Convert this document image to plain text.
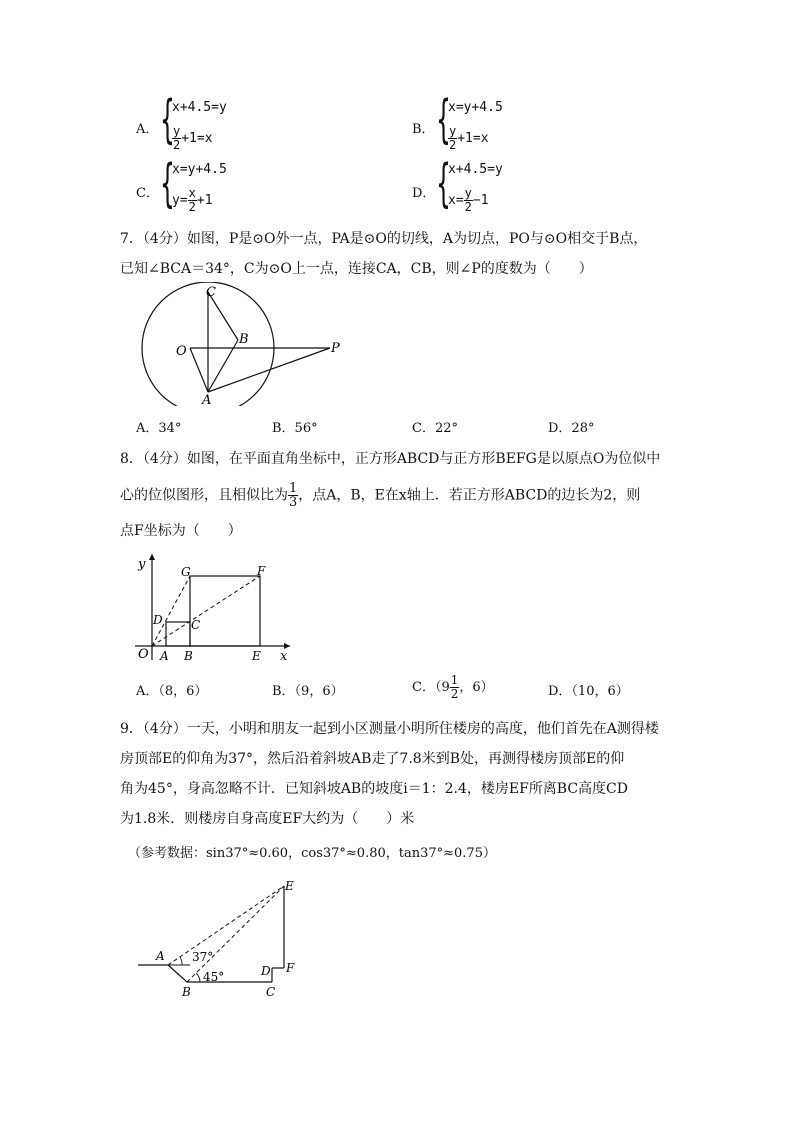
A． {
x+4.5=y
$\frac{y}{2} +1=x$
B． {
x=y+4.5
$\frac{y}{2} +1=x$
C． {
x=y+4.5
$y= \frac{x}{2} +1$	D． {
x+4.5=y
$x= \frac{y}{2} -1$
7．（4分）如图，P是⊙O外一点，PA是⊙O的切线，A为切点，PO与⊙O相交于B点，
已知∠BCA＝34°，C为⊙O上一点，连接CA，CB，则∠P的度数为（　　）
C
O
B
P
A
A．34°	B．56°	C．22°	D．28°
8．（4分）如图，在平面直角坐标中，正方形ABCD与正方形BEFG是以原点O为位似中
心的位似图形，且相似比为 $\frac{1}{3}$ ，点A，B，E在x轴上．若正方形ABCD的边长为2，则
点F坐标为（　　）
y
x
O A B	E
D C
G	F
A．（8，6）	B．（9，6）	C．（$9 \frac{1}{2}$ ，6）	D．（10，6）
9．（4分）一天，小明和朋友一起到小区测量小明所住楼房的高度，他们首先在A测得楼
房顶部E的仰角为37°，然后沿着斜坡AB走了7.8米到B处，再测得楼房顶部E的仰
角为45°，身高忽略不计．已知斜坡AB的坡度i＝1：2.4，楼房EF所离BC高度CD
为1.8米．则楼房自身高度EF大约为（　　）米
（参考数据：sin37°≈0.60，cos37°≈0.80，tan37°≈0.75）
E
A
B	C
D F
37°
45°
